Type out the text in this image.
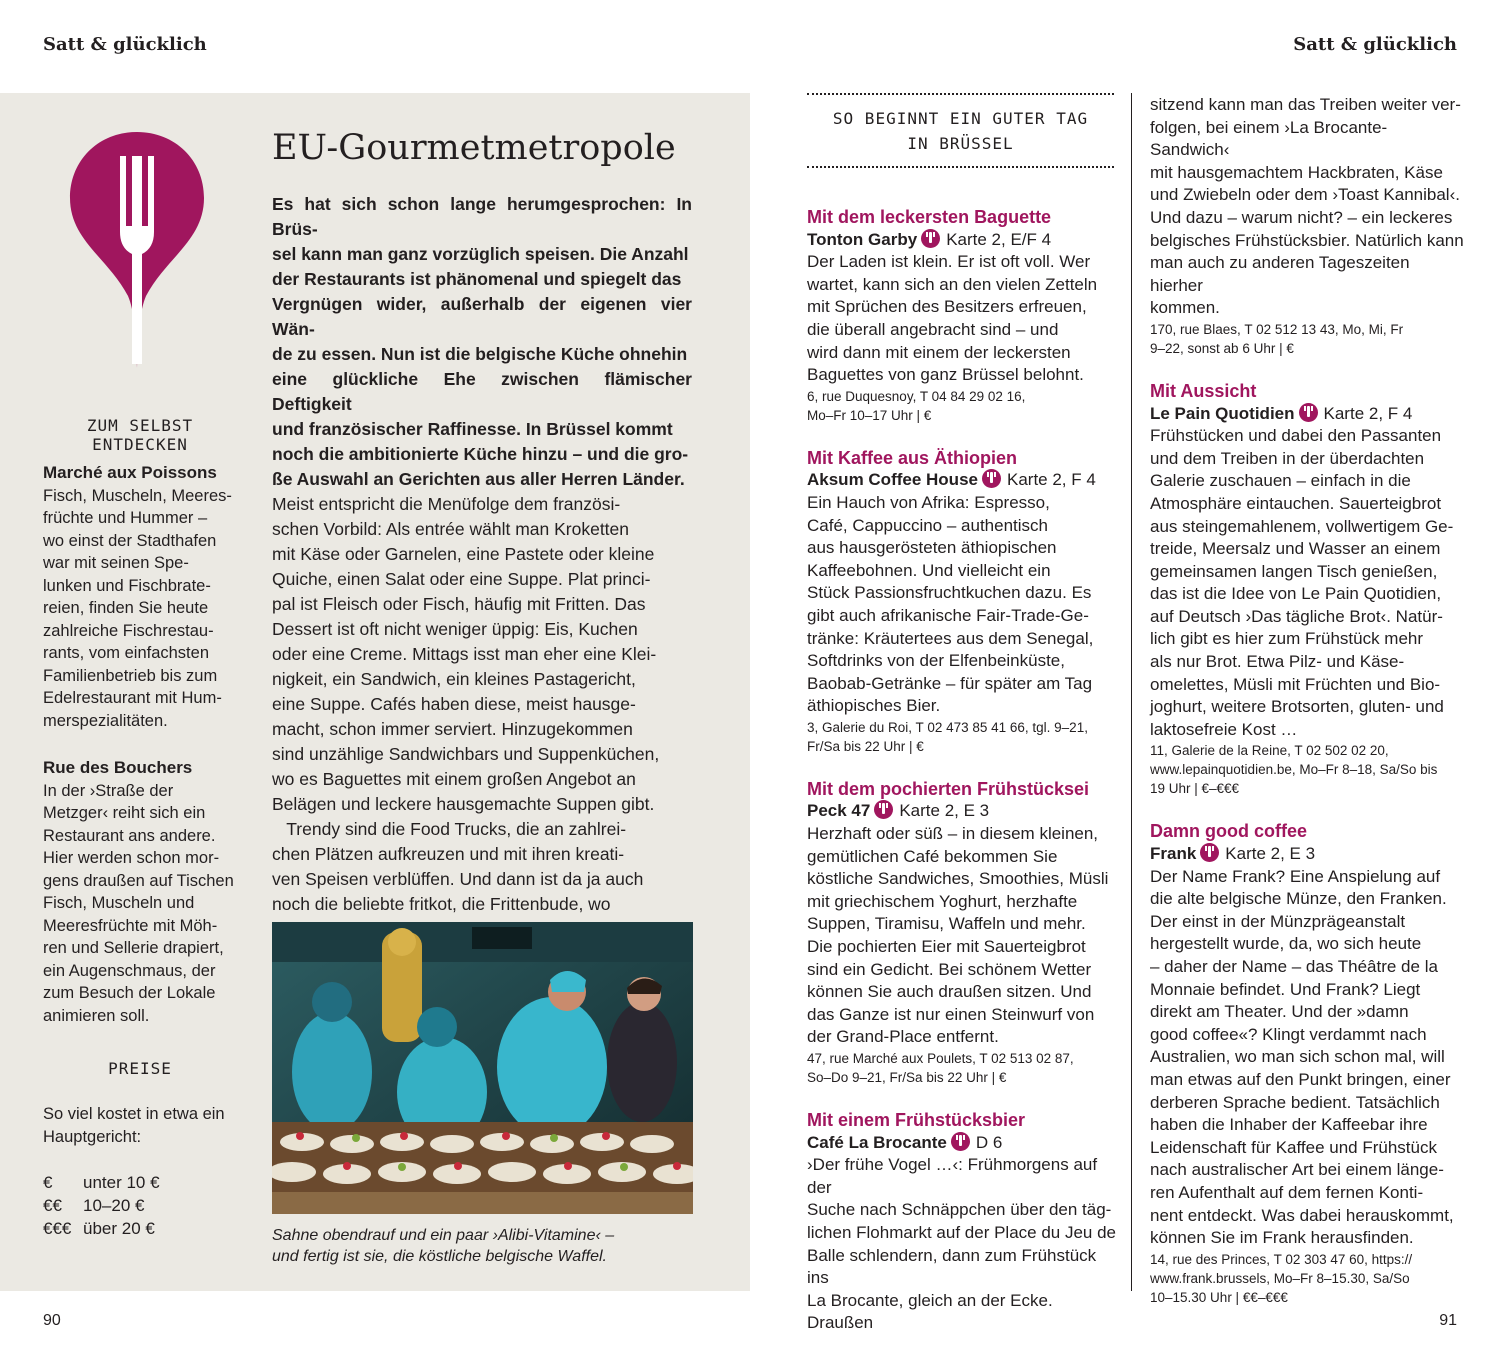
Satt & glücklich	Satt & glücklich
ZUM SELBST ENTDECKEN
Marché aux Poissons
Fisch, Muscheln, Meeres-
früchte und Hummer –
wo einst der Stadthafen
war mit seinen Spe-
lunken und Fischbrate-
reien, finden Sie heute
zahlreiche Fischrestau-
rants, vom einfachsten
Familienbetrieb bis zum
Edelrestaurant mit Hum-
merspezialitäten.
Rue des Bouchers
In der ›Straße der
Metzger‹ reiht sich ein
Restaurant ans andere.
Hier werden schon mor-
gens draußen auf Tischen
Fisch, Muscheln und
Meeresfrüchte mit Möh-
ren und Sellerie drapiert,
ein Augenschmaus, der
zum Besuch der Lokale
animieren soll.
PREISE
So viel kostet in etwa ein
Hauptgericht:
€	unter 10 €
€€	10–20 €
€€€	über 20 €
EU-Gourmetmetropole
Es hat sich schon lange herumgesprochen: In Brüs-
sel kann man ganz vorzüglich speisen. Die Anzahl
der Restaurants ist phänomenal und spiegelt das
Vergnügen wider, außerhalb der eigenen vier Wän-
de zu essen. Nun ist die belgische Küche ohnehin
eine glückliche Ehe zwischen flämischer Deftigkeit
und französischer Raffinesse. In Brüssel kommt
noch die ambitionierte Küche hinzu – und die gro-
ße Auswahl an Gerichten aus aller Herren Länder.
Meist entspricht die Menüfolge dem französi-
schen Vorbild: Als entrée wählt man Kroketten
mit Käse oder Garnelen, eine Pastete oder kleine
Quiche, einen Salat oder eine Suppe. Plat princi-
pal ist Fleisch oder Fisch, häufig mit Fritten. Das
Dessert ist oft nicht weniger üppig: Eis, Kuchen
oder eine Creme. Mittags isst man eher eine Klei-
nigkeit, ein Sandwich, ein kleines Pastagericht,
eine Suppe. Cafés haben diese, meist hausge-
macht, schon immer serviert. Hinzugekommen
sind unzählige Sandwichbars und Suppenküchen,
wo es Baguettes mit einem großen Angebot an
Belägen und leckere hausgemachte Suppen gibt.
Trendy sind die Food Trucks, die an zahlrei-
chen Plätzen aufkreuzen und mit ihren kreati-
ven Speisen verblüffen. Und dann ist da ja auch
noch die beliebte fritkot, die Frittenbude, wo
Sahne obendrauf und ein paar ›Alibi-Vitamine‹ –
und fertig ist sie, die köstliche belgische Waffel.
SO BEGINNT EIN GUTER TAG
IN BRÜSSEL
Mit dem leckersten Baguette
Tonton Garby Karte 2, E/F 4
Der Laden ist klein. Er ist oft voll. Wer
wartet, kann sich an den vielen Zetteln
mit Sprüchen des Besitzers erfreuen,
die überall angebracht sind – und
wird dann mit einem der leckersten
Baguettes von ganz Brüssel belohnt.
6, rue Duquesnoy, T 04 84 29 02 16,
Mo–Fr 10–17 Uhr | €
Mit Kaffee aus Äthiopien
Aksum Coffee House Karte 2, F 4
Ein Hauch von Afrika: Espresso,
Café, Cappuccino – authentisch
aus hausgerösteten äthiopischen
Kaffeebohnen. Und vielleicht ein
Stück Passionsfruchtkuchen dazu. Es
gibt auch afrikanische Fair-Trade-Ge-
tränke: Kräutertees aus dem Senegal,
Softdrinks von der Elfenbeinküste,
Baobab-Getränke – für später am Tag
äthiopisches Bier.
3, Galerie du Roi, T 02 473 85 41 66, tgl. 9–21,
Fr/Sa bis 22 Uhr | €
Mit dem pochierten Frühstücksei
Peck 47 Karte 2, E 3
Herzhaft oder süß – in diesem kleinen,
gemütlichen Café bekommen Sie
köstliche Sandwiches, Smoothies, Müsli
mit griechischem Yoghurt, herzhafte
Suppen, Tiramisu, Waffeln und mehr.
Die pochierten Eier mit Sauerteigbrot
sind ein Gedicht. Bei schönem Wetter
können Sie auch draußen sitzen. Und
das Ganze ist nur einen Steinwurf von
der Grand-Place entfernt.
47, rue Marché aux Poulets, T 02 513 02 87,
So–Do 9–21, Fr/Sa bis 22 Uhr | €
Mit einem Frühstücksbier
Café La Brocante D 6
›Der frühe Vogel …‹: Frühmorgens auf der
Suche nach Schnäppchen über den täg-
lichen Flohmarkt auf der Place du Jeu de
Balle schlendern, dann zum Frühstück ins
La Brocante, gleich an der Ecke. Draußen
sitzend kann man das Treiben weiter ver-
folgen, bei einem ›La Brocante-Sandwich‹
mit hausgemachtem Hackbraten, Käse
und Zwiebeln oder dem ›Toast Kannibal‹.
Und dazu – warum nicht? – ein leckeres
belgisches Frühstücksbier. Natürlich kann
man auch zu anderen Tageszeiten hierher
kommen.
170, rue Blaes, T 02 512 13 43, Mo, Mi, Fr
9–22, sonst ab 6 Uhr | €
Mit Aussicht
Le Pain Quotidien Karte 2, F 4
Frühstücken und dabei den Passanten
und dem Treiben in der überdachten
Galerie zuschauen – einfach in die
Atmosphäre eintauchen. Sauerteigbrot
aus steingemahlenem, vollwertigem Ge-
treide, Meersalz und Wasser an einem
gemeinsamen langen Tisch genießen,
das ist die Idee von Le Pain Quotidien,
auf Deutsch ›Das tägliche Brot‹. Natür-
lich gibt es hier zum Frühstück mehr
als nur Brot. Etwa Pilz- und Käse-
omelettes, Müsli mit Früchten und Bio-
joghurt, weitere Brotsorten, gluten- und
laktosefreie Kost …
11, Galerie de la Reine, T 02 502 02 20,
www.lepainquotidien.be, Mo–Fr 8–18, Sa/So bis
19 Uhr | €–€€€
Damn good coffee
Frank Karte 2, E 3
Der Name Frank? Eine Anspielung auf
die alte belgische Münze, den Franken.
Der einst in der Münzprägeanstalt
hergestellt wurde, da, wo sich heute
– daher der Name – das Théâtre de la
Monnaie befindet. Und Frank? Liegt
direkt am Theater. Und der »damn
good coffee«? Klingt verdammt nach
Australien, wo man sich schon mal, will
man etwas auf den Punkt bringen, einer
derberen Sprache bedient. Tatsächlich
haben die Inhaber der Kaffeebar ihre
Leidenschaft für Kaffee und Frühstück
nach australischer Art bei einem länge-
ren Aufenthalt auf dem fernen Konti-
nent entdeckt. Was dabei herauskommt,
können Sie im Frank herausfinden.
14, rue des Princes, T 02 303 47 60, https://
www.frank.brussels, Mo–Fr 8–15.30, Sa/So
10–15.30 Uhr | €€–€€€
90	91
